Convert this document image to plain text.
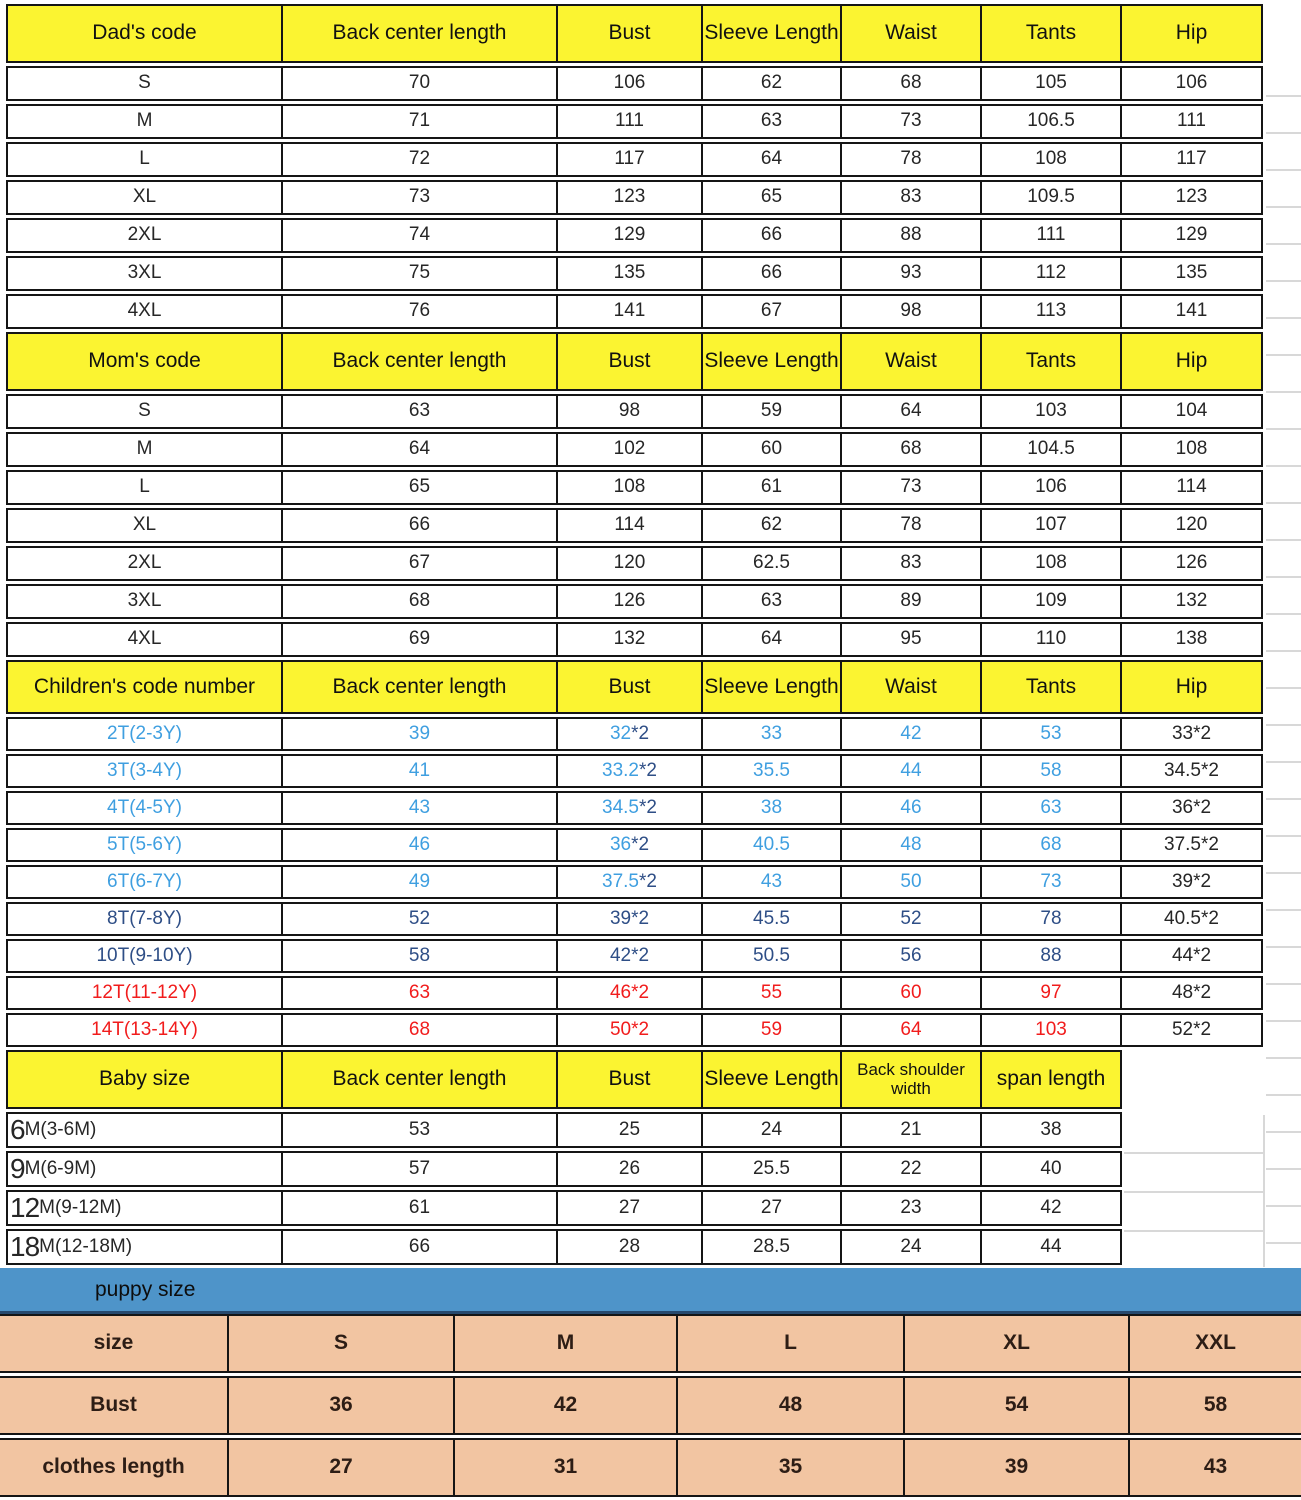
Dad's code	Back center length	Bust	Sleeve Length	Waist	Tants	Hip
S	70	106	62	68	105	106
M	71	111	63	73	106.5	111
L	72	117	64	78	108	117
XL	73	123	65	83	109.5	123
2XL	74	129	66	88	111	129
3XL	75	135	66	93	112	135
4XL	76	141	67	98	113	141
Mom's code	Back center length	Bust	Sleeve Length	Waist	Tants	Hip
S	63	98	59	64	103	104
M	64	102	60	68	104.5	108
L	65	108	61	73	106	114
XL	66	114	62	78	107	120
2XL	67	120	62.5	83	108	126
3XL	68	126	63	89	109	132
4XL	69	132	64	95	110	138
Children's code number	Back center length	Bust	Sleeve Length	Waist	Tants	Hip
2T(2-3Y)	39	32 *2	33	42	53	33 *2
3T(3-4Y)	41	33.2 *2	35.5	44	58	34.5 *2
4T(4-5Y)	43	34.5 *2	38	46	63	36 *2
5T(5-6Y)	46	36 *2	40.5	48	68	37.5 *2
6T(6-7Y)	49	37.5 *2	43	50	73	39 *2
8T(7-8Y)	52	39 *2	45.5	52	78	40.5 *2
10T(9-10Y)	58	42 *2	50.5	56	88	44 *2
12T(11-12Y)	63	46 *2	55	60	97	48 *2
14T(13-14Y)	68	50 *2	59	64	103	52 *2
Baby size	Back center length	Bust	Sleeve Length	Back shoulder width	span length
6 M(3-6M)	53	25	24	21	38
9 M(6-9M)	57	26	25.5	22	40
12 M(9-12M)	61	27	27	23	42
18 M(12-18M)	66	28	28.5	24	44
puppy size
size	S	M	L	XL	XXL
Bust	36	42	48	54	58
clothes length	27	31	35	39	43
